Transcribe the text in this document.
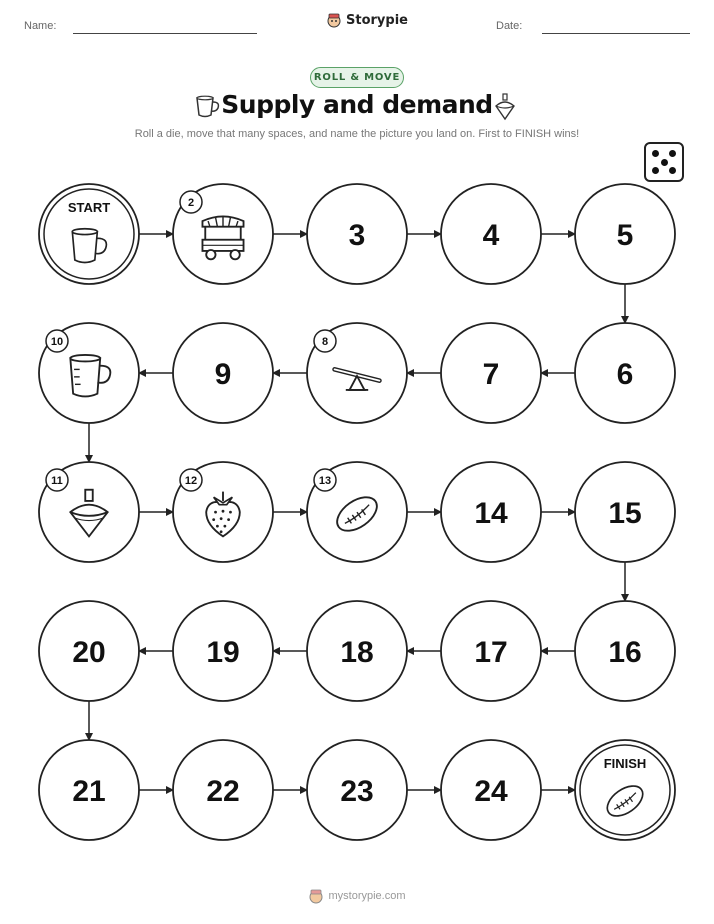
Name:	Storypie	Date:
ROLL & MOVE
Supply and demand
Roll a die, move that many spaces, and name the picture you land on. First to FINISH wins!
START	2
3	4	5
6
7
8
9
10
11	12	13
14	15
16
17
18
19
20
21	22	23	24
FINISH
mystorypie.com
